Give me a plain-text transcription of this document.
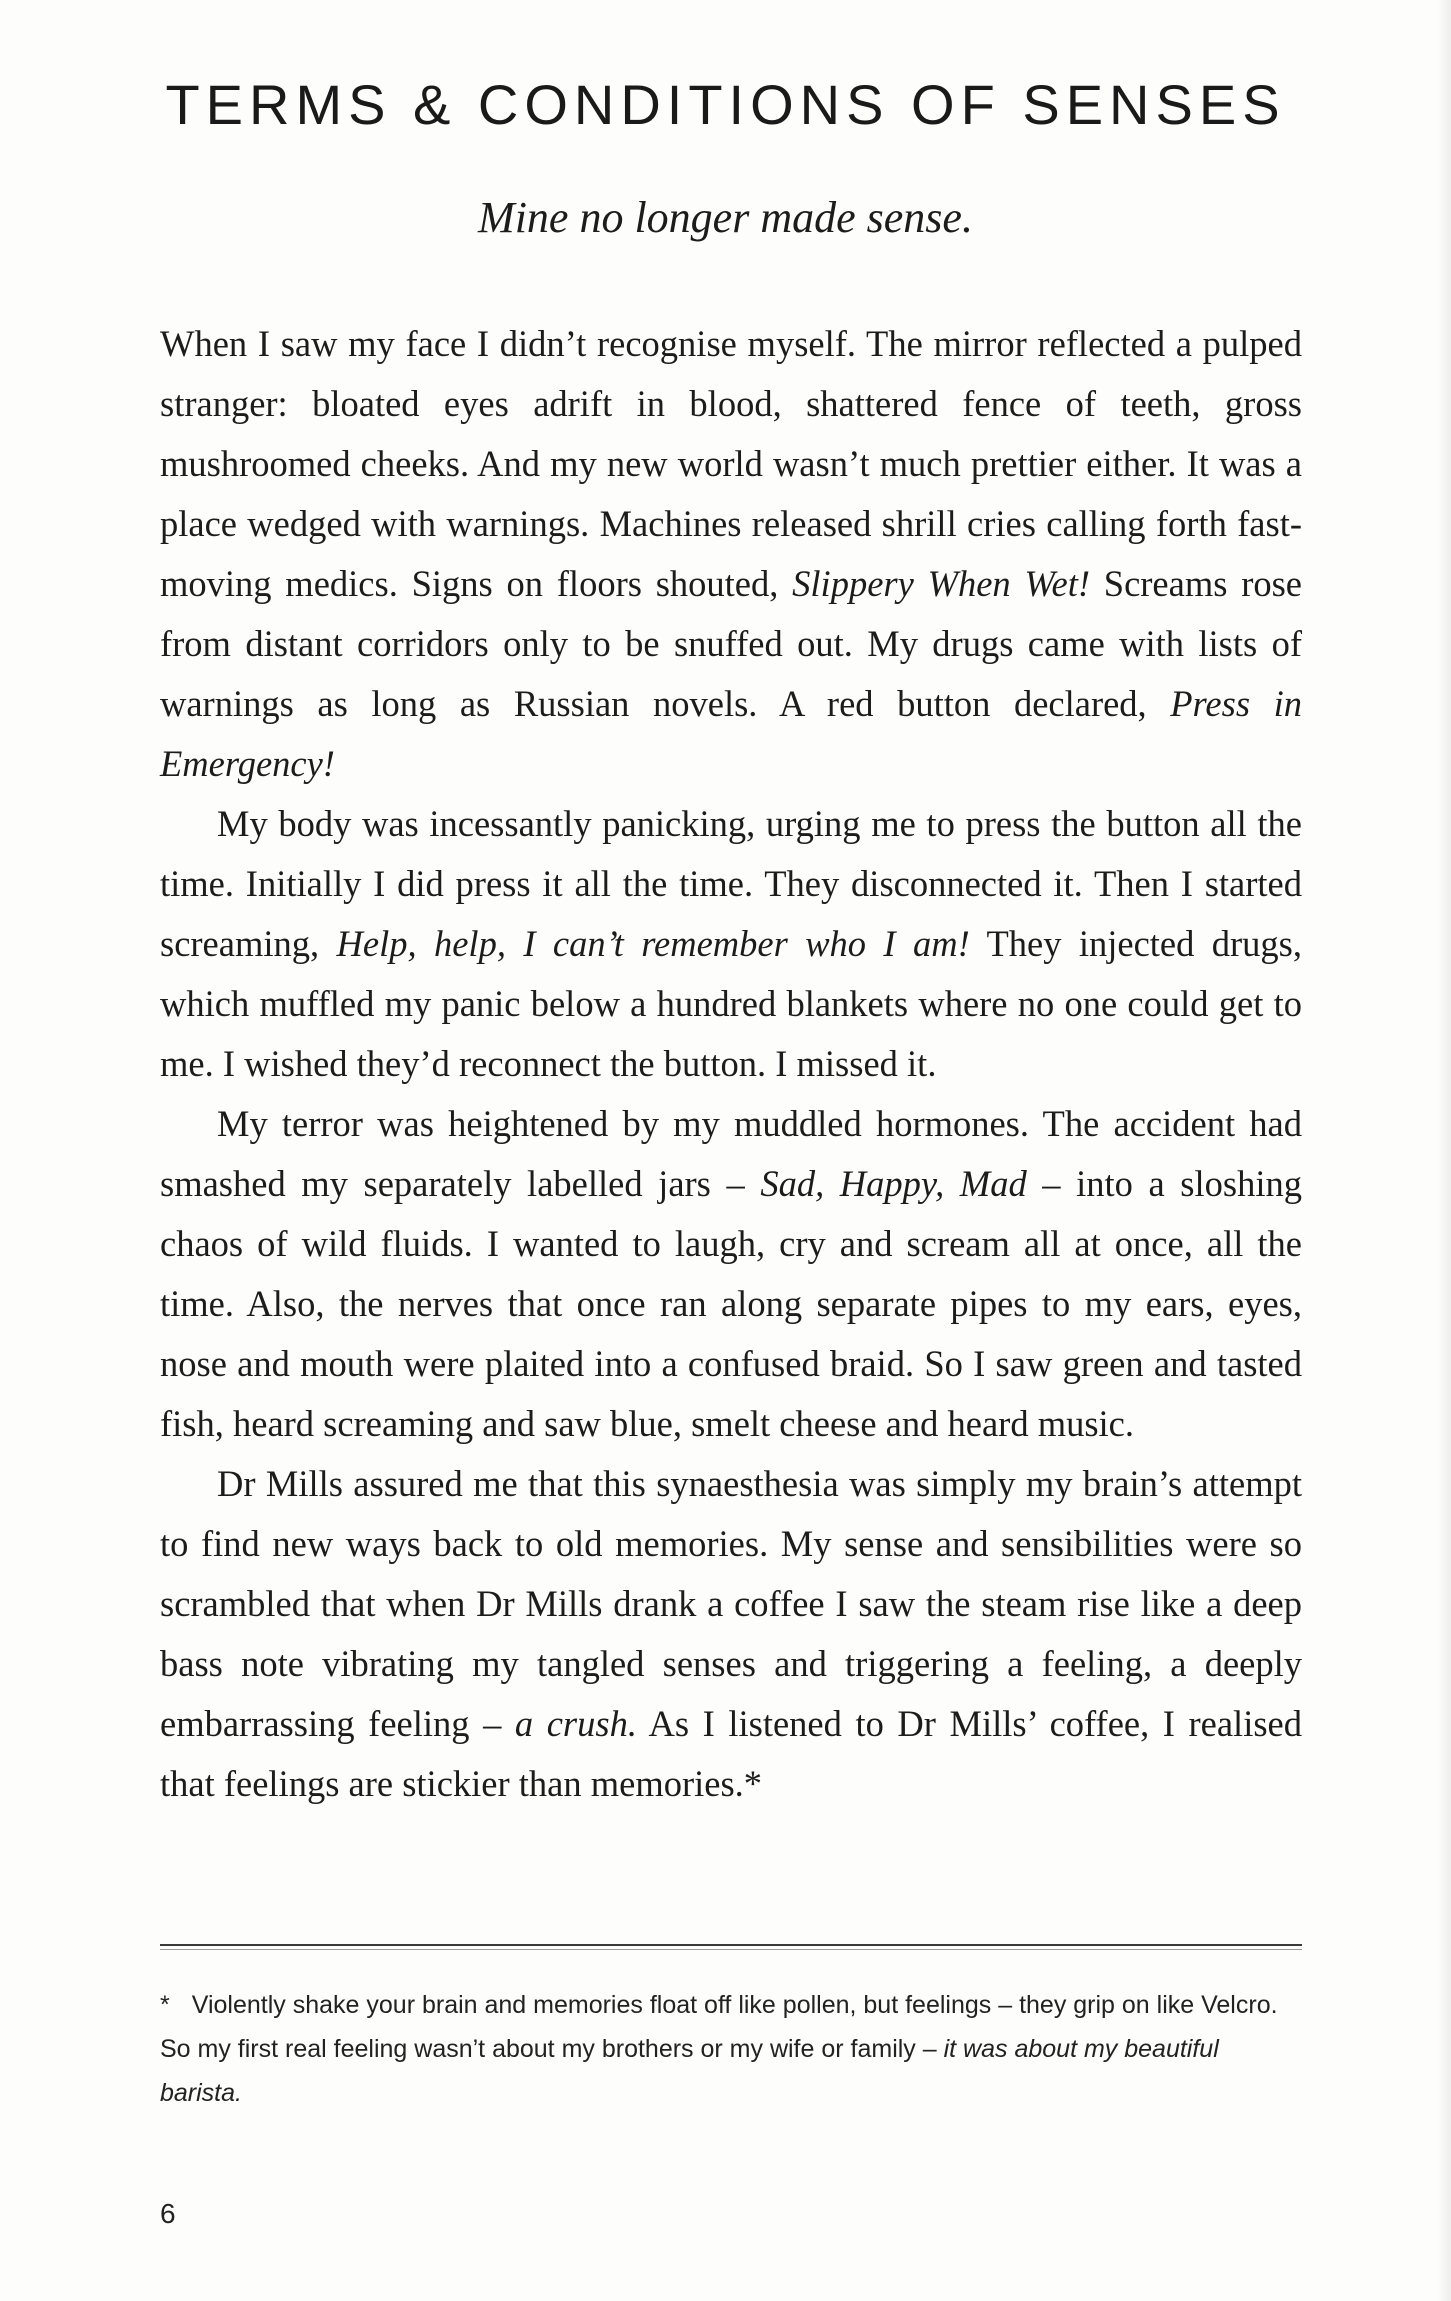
TERMS & CONDITIONS OF SENSES

Mine no longer made sense.

When I saw my face I didn’t recognise myself. The mirror reflected a pulped stranger: bloated eyes adrift in blood, shattered fence of teeth, gross mushroomed cheeks. And my new world wasn’t much prettier either. It was a place wedged with warnings. Machines released shrill cries calling forth fast-moving medics. Signs on floors shouted, Slippery When Wet! Screams rose from distant corridors only to be snuffed out. My drugs came with lists of warnings as long as Russian novels. A red button declared, Press in Emergency!

My body was incessantly panicking, urging me to press the button all the time. Initially I did press it all the time. They disconnected it. Then I started screaming, Help, help, I can’t remember who I am! They injected drugs, which muffled my panic below a hundred blankets where no one could get to me. I wished they’d reconnect the button. I missed it.

My terror was heightened by my muddled hormones. The accident had smashed my separately labelled jars – Sad, Happy, Mad – into a sloshing chaos of wild fluids. I wanted to laugh, cry and scream all at once, all the time. Also, the nerves that once ran along separate pipes to my ears, eyes, nose and mouth were plaited into a confused braid. So I saw green and tasted fish, heard screaming and saw blue, smelt cheese and heard music.

Dr Mills assured me that this synaesthesia was simply my brain’s attempt to find new ways back to old memories. My sense and sensibilities were so scrambled that when Dr Mills drank a coffee I saw the steam rise like a deep bass note vibrating my tangled senses and triggering a feeling, a deeply embarrassing feeling – a crush. As I listened to Dr Mills’ coffee, I realised that feelings are stickier than memories.*

* Violently shake your brain and memories float off like pollen, but feelings – they grip on like Velcro. So my first real feeling wasn’t about my brothers or my wife or family – it was about my beautiful barista.

6
